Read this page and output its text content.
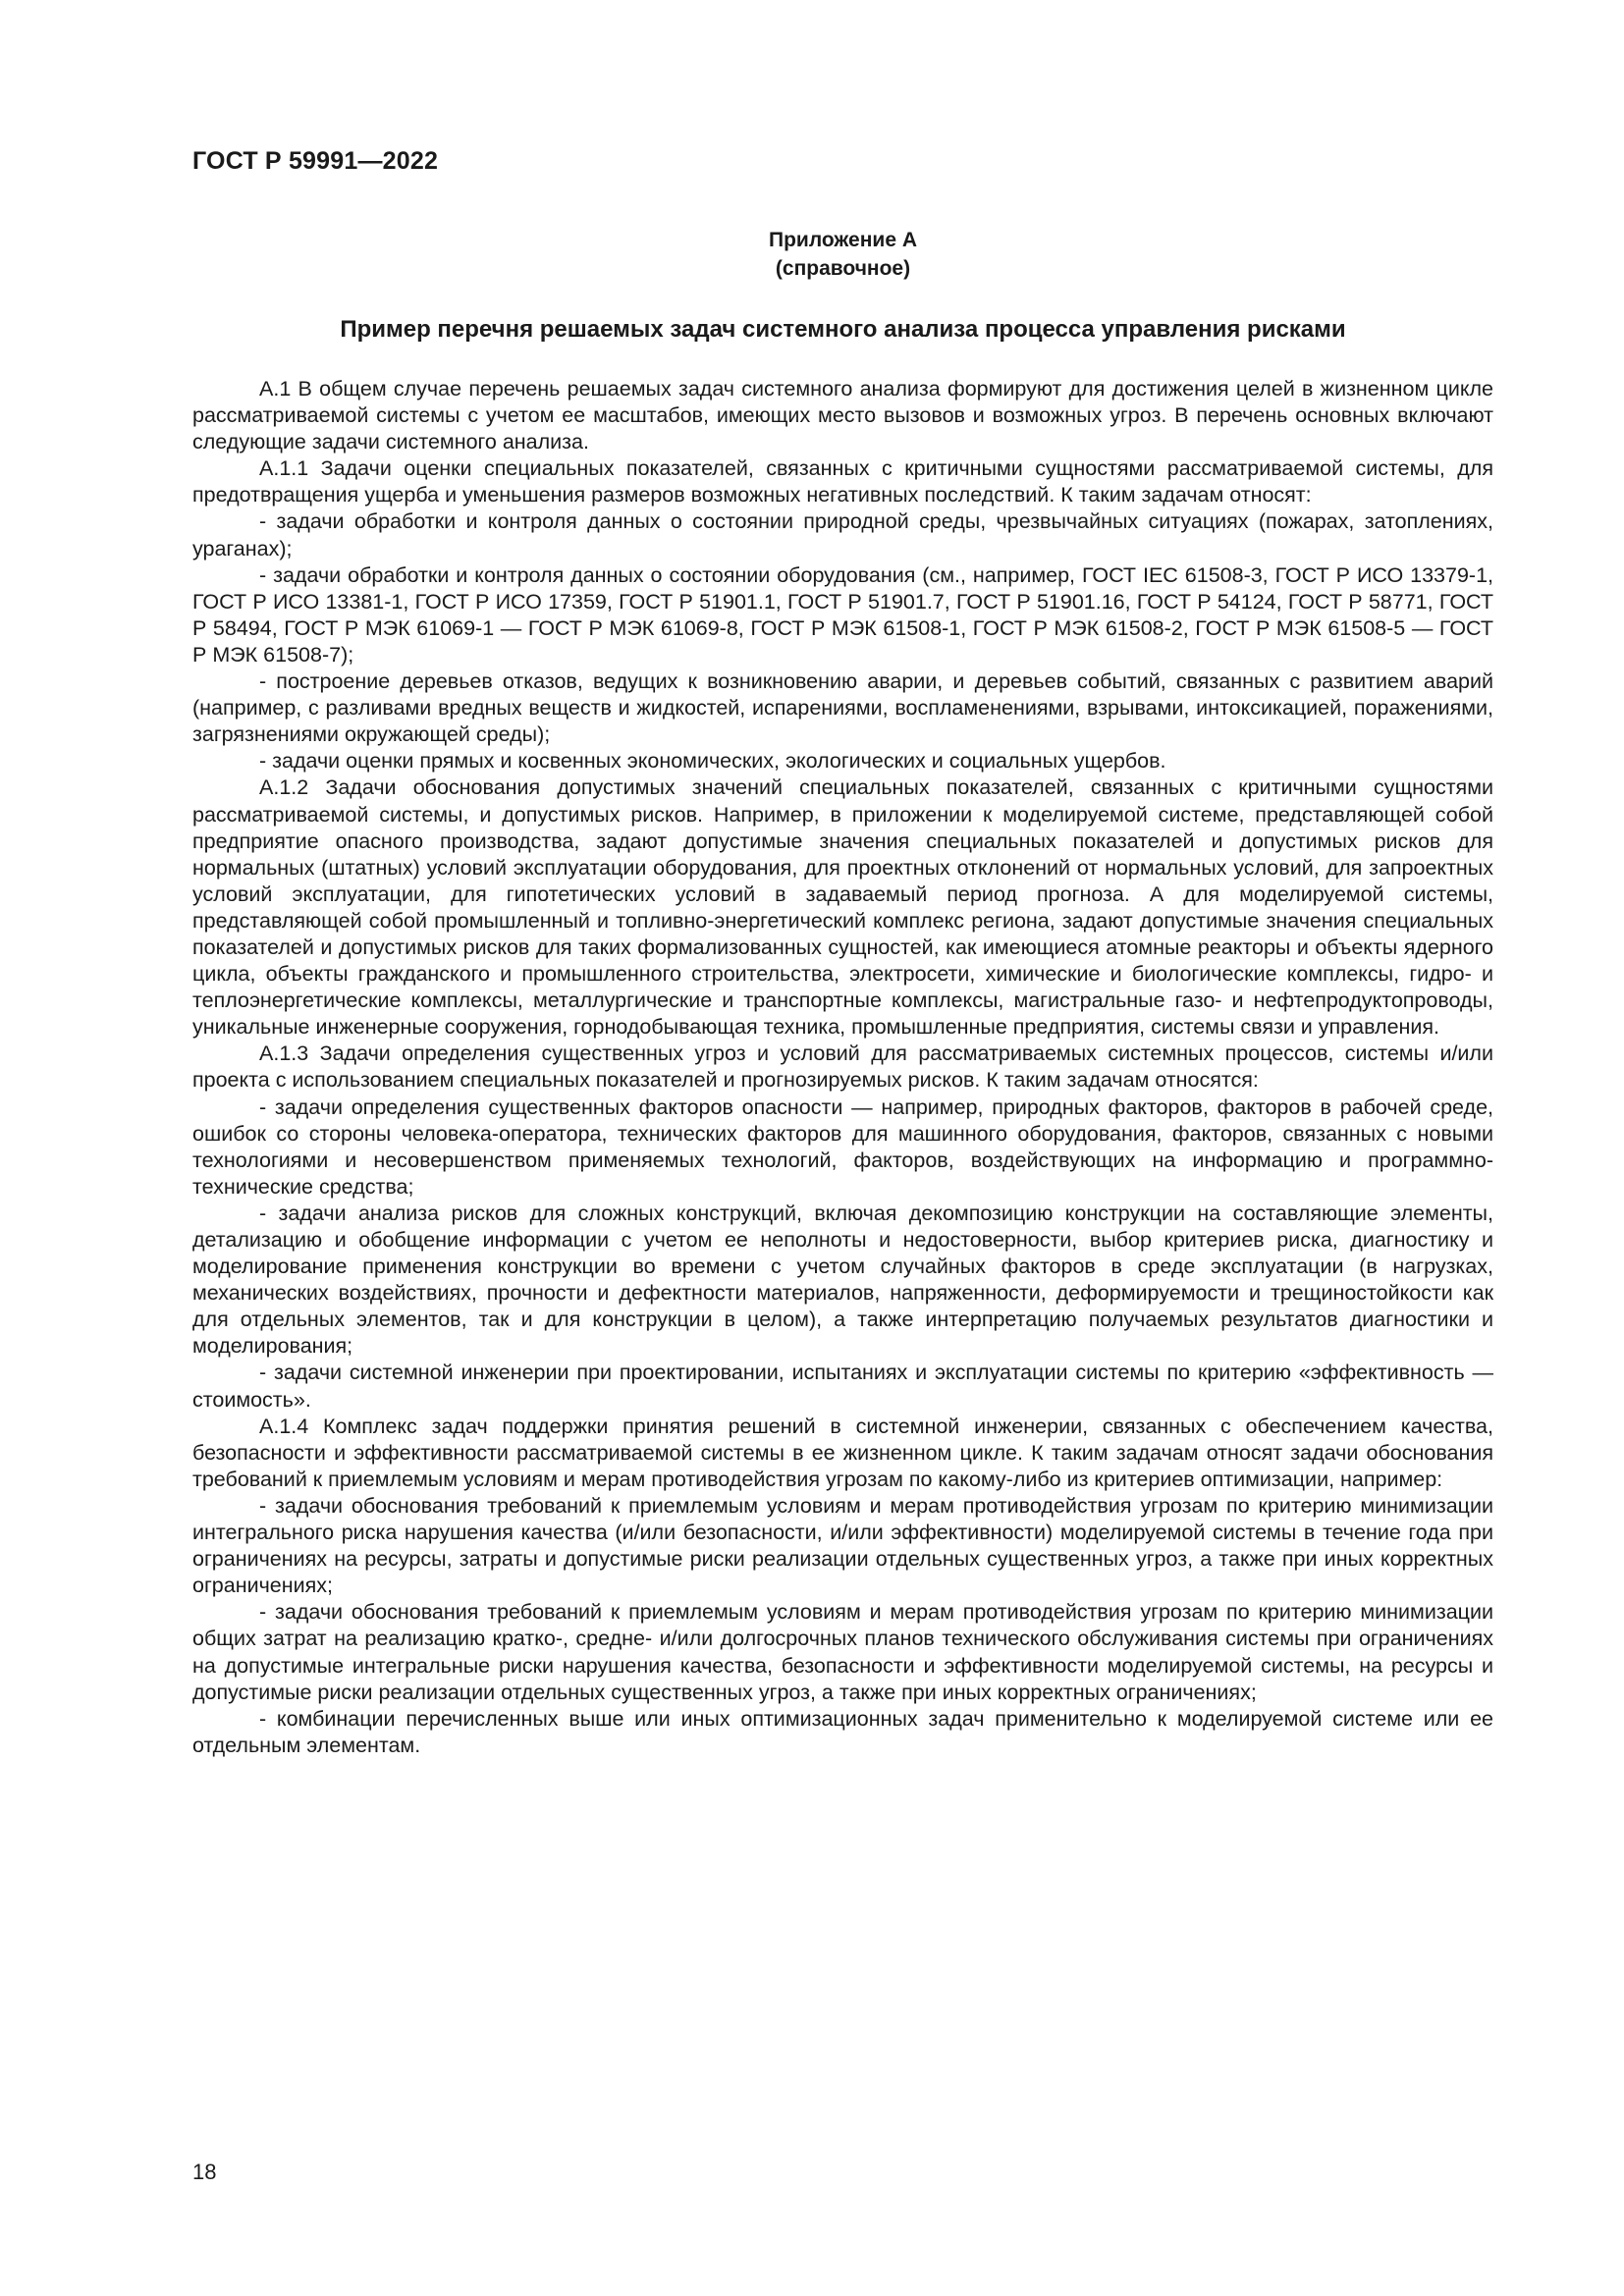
ГОСТ Р 59991—2022
Приложение А
(справочное)
Пример перечня решаемых задач системного анализа процесса управления рисками

А.1 В общем случае перечень решаемых задач системного анализа формируют для достижения целей в жизненном цикле рассматриваемой системы с учетом ее масштабов, имеющих место вызовов и возможных угроз. В перечень основных включают следующие задачи системного анализа.

А.1.1 Задачи оценки специальных показателей, связанных с критичными сущностями рассматриваемой системы, для предотвращения ущерба и уменьшения размеров возможных негативных последствий. К таким задачам относят:

- задачи обработки и контроля данных о состоянии природной среды, чрезвычайных ситуациях (пожарах, затоплениях, ураганах);

- задачи обработки и контроля данных о состоянии оборудования (см., например, ГОСТ IEC 61508-3, ГОСТ Р ИСО 13379-1, ГОСТ Р ИСО 13381-1, ГОСТ Р ИСО 17359, ГОСТ Р 51901.1, ГОСТ Р 51901.7, ГОСТ Р 51901.16, ГОСТ Р 54124, ГОСТ Р 58771, ГОСТ Р 58494, ГОСТ Р МЭК 61069-1 — ГОСТ Р МЭК 61069-8, ГОСТ Р МЭК 61508-1, ГОСТ Р МЭК 61508-2, ГОСТ Р МЭК 61508-5 — ГОСТ Р МЭК 61508-7);

- построение деревьев отказов, ведущих к возникновению аварии, и деревьев событий, связанных с развитием аварий (например, с разливами вредных веществ и жидкостей, испарениями, воспламенениями, взрывами, интоксикацией, поражениями, загрязнениями окружающей среды);

- задачи оценки прямых и косвенных экономических, экологических и социальных ущербов.

А.1.2 Задачи обоснования допустимых значений специальных показателей, связанных с критичными сущностями рассматриваемой системы, и допустимых рисков. Например, в приложении к моделируемой системе, представляющей собой предприятие опасного производства, задают допустимые значения специальных показателей и допустимых рисков для нормальных (штатных) условий эксплуатации оборудования, для проектных отклонений от нормальных условий, для запроектных условий эксплуатации, для гипотетических условий в задаваемый период прогноза. А для моделируемой системы, представляющей собой промышленный и топливно-энергетический комплекс региона, задают допустимые значения специальных показателей и допустимых рисков для таких формализованных сущностей, как имеющиеся атомные реакторы и объекты ядерного цикла, объекты гражданского и промышленного строительства, электросети, химические и биологические комплексы, гидро- и теплоэнергетические комплексы, металлургические и транспортные комплексы, магистральные газо- и нефтепродуктопроводы, уникальные инженерные сооружения, горнодобывающая техника, промышленные предприятия, системы связи и управления.

А.1.3 Задачи определения существенных угроз и условий для рассматриваемых системных процессов, системы и/или проекта с использованием специальных показателей и прогнозируемых рисков. К таким задачам относятся:

- задачи определения существенных факторов опасности — например, природных факторов, факторов в рабочей среде, ошибок со стороны человека-оператора, технических факторов для машинного оборудования, факторов, связанных с новыми технологиями и несовершенством применяемых технологий, факторов, воздействующих на информацию и программно-технические средства;

- задачи анализа рисков для сложных конструкций, включая декомпозицию конструкции на составляющие элементы, детализацию и обобщение информации с учетом ее неполноты и недостоверности, выбор критериев риска, диагностику и моделирование применения конструкции во времени с учетом случайных факторов в среде эксплуатации (в нагрузках, механических воздействиях, прочности и дефектности материалов, напряженности, деформируемости и трещиностойкости как для отдельных элементов, так и для конструкции в целом), а также интерпретацию получаемых результатов диагностики и моделирования;

- задачи системной инженерии при проектировании, испытаниях и эксплуатации системы по критерию «эффективность — стоимость».

А.1.4 Комплекс задач поддержки принятия решений в системной инженерии, связанных с обеспечением качества, безопасности и эффективности рассматриваемой системы в ее жизненном цикле. К таким задачам относят задачи обоснования требований к приемлемым условиям и мерам противодействия угрозам по какому-либо из критериев оптимизации, например:

- задачи обоснования требований к приемлемым условиям и мерам противодействия угрозам по критерию минимизации интегрального риска нарушения качества (и/или безопасности, и/или эффективности) моделируемой системы в течение года при ограничениях на ресурсы, затраты и допустимые риски реализации отдельных существенных угроз, а также при иных корректных ограничениях;

- задачи обоснования требований к приемлемым условиям и мерам противодействия угрозам по критерию минимизации общих затрат на реализацию кратко-, средне- и/или долгосрочных планов технического обслуживания системы при ограничениях на допустимые интегральные риски нарушения качества, безопасности и эффективности моделируемой системы, на ресурсы и допустимые риски реализации отдельных существенных угроз, а также при иных корректных ограничениях;

- комбинации перечисленных выше или иных оптимизационных задач применительно к моделируемой системе или ее отдельным элементам.

18
